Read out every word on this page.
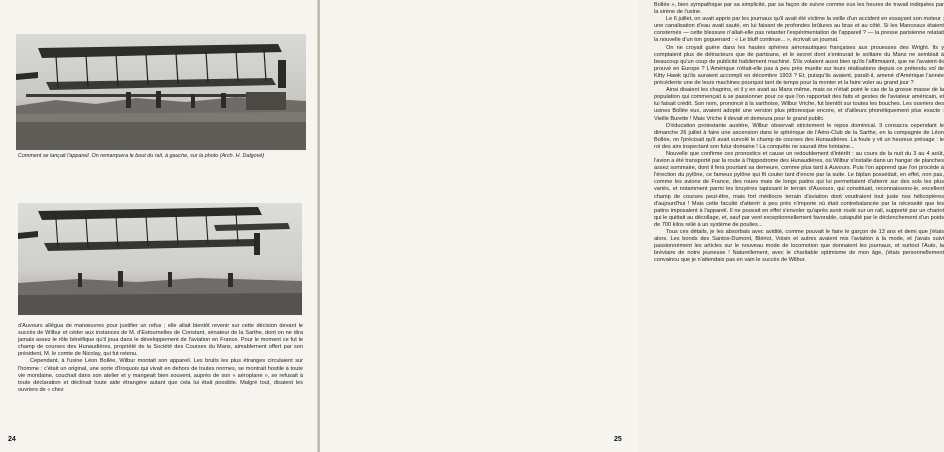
Comment se lançait l'appareil. On remarquera le bout du rail, à gauche, sur la photo (Arch. H. Dalgové)

d'Auvours allégua de manœuvres pour justifier un refus ; elle allait bientôt revenir sur cette décision devant le succès de Wilbur et céder aux instances de M. d'Estournelles de Constant, sénateur de la Sarthe, dont on ne dira jamais assez le rôle bénéfique qu'il joua dans le développement de l'aviation en France. Pour le moment ce fut le champ de courses des Hunaudières, propriété de la Société des Courses du Mans, aimablement offert par son président, M. le comte de Nicolay, qui fut retenu.

Cependant, à l'usine Léon Bollée, Wilbur montait son appareil. Les bruits les plus étranges circulaient sur l'homme : c'était un original, une sorte d'Iroquois qui vivait en dehors de toutes normes, se montrait hostile à toute vie mondaine, couchait dans son atelier et y mangeait bien souvent, auprès de son « aéroplane », se refusait à toute déclaration et déclinait toute aide étrangère autant que cela lui était possible. Malgré tout, disaient les ouvriers de « chez

24

Bollée », bien sympathique par sa simplicité, par sa façon de suivre comme eux les heures de travail indiquées par la sirène de l'usine.

Le 6 juillet, on avait appris par les journaux qu'il avait été victime la veille d'un accident en essayant son moteur ; une canalisation d'eau avait sauté, en lui faisant de profondes brûlures au bras et au côté. Si les Manceaux étaient consternés — cette blessure n'allait-elle pas retarder l'expérimentation de l'appareil ? — la presse parisienne relatait la nouvelle d'un ton goguenard : « Le bluff continue... », écrivait un journal.

On ne croyait guère dans les hautes sphères aéronautiques françaises aux prouesses des Wright. Ils y comptaient plus de détracteurs que de partisans, et le secret dont s'entourait le solitaire du Mans ne semblait à beaucoup qu'un coup de publicité habilement machiné. S'ils volaient aussi bien qu'ils l'affirmaient, que ne l'avaient-ils prouvé en Europe ? L'Amérique n'était-elle pas à peu près muette sur leurs réalisations depuis ce prétendu vol de Kitty Hawk qu'ils auraient accompli en décembre 1903 ? Et, puisqu'ils avaient, paraît-il, amené d'Amérique l'année précédente une de leurs machines pourquoi tant de temps pour la monter et la faire voler au grand jour ?

Ainsi disaient les chagrins, et il y en avait au Mans même, mais ce n'était point le cas de la grosse masse de la population qui commençait à se passionner pour ce que l'on rapportait des faits et gestes de l'aviateur américain, et lui faisait crédit. Son nom, prononcé à la sarthoise, Wilbur Vriche, fut bientôt sur toutes les bouches. Les ouvriers des usines Bollée eux, avaient adopté une version plus pittoresque encore, et d'ailleurs phonétiquement plus exacte : Vieille Burette ! Mais Vriche il devait et demeura pour le grand public.

D'éducation protestante austère, Wilbur observait strictement le repos dominical. Il consacra cependant le dimanche 26 juillet à faire une ascension dans le sphérique de l'Aéro-Club de la Sarthe, en la compagnie de Léon Bollée, on l'précisait qu'il avait survolé le champ de courses des Hunaudières. La foule y vit un heureux présage : le roi des airs inspectant son futur domaine ! La conquête ne saurait être lointaine...

Nouvelle que confirme ces pronostics et cause un redoublement d'intérêt : au cours de la nuit du 3 au 4 août, l'avion a été transporté par la route à l'hippodrome des Hunaudières, où Wilbur s'installe dans un hangar de planches assez sommaire, dont il fera pourtant sa demeure, comme plus tard à Auvours. Puis l'on apprend que l'on procède à l'érection du pylône, ce fameux pylône qui fit couler tant d'encre par la suite. Le biplan possédait, en effet, non pas, comme les avions de France, des roues mais de longs patins qui lui permettaient d'atterrir sur des sols les plus variés, et notamment parmi les bruyères tapissant le terrain d'Auvours, qui constituait, reconnaissons-le, excellent champ de courses peut-être, mais fort médiocre terrain d'aviation dont voudraient tout juste nos hélicoptères d'aujourd'hui ! Mais cette faculté d'atterrir à peu près n'importe où était contrebalancée par la nécessité que les patins imposaient à l'appareil. Il ne pouvait en effet s'envoler qu'après avoir roulé sur un rail, supporté par un chariot qui le quittait au décollage, et, sauf par vent exceptionnellement favorable, catapulté par le déclenchement d'un poids de 700 kilos relié à un système de poulies...

Tous ces détails, je les absorbais avec avidité, comme pouvait le faire le garçon de 13 ans et demi que j'étais alors. Les bonds des Santos-Dumont, Blériot, Voisin et autres avaient mis l'aviation à la mode, et j'avais suivi passionnément les articles sur le nouveau mode de locomotion que donnaient les journaux, et surtout l'Auto, la bréviaire de notre jeunesse ! Naturellement, avec le charitable optimisme de mon âge, j'étais personnellement convaincu que je n'attendais pas en vain le succès de Wilbur.

25
